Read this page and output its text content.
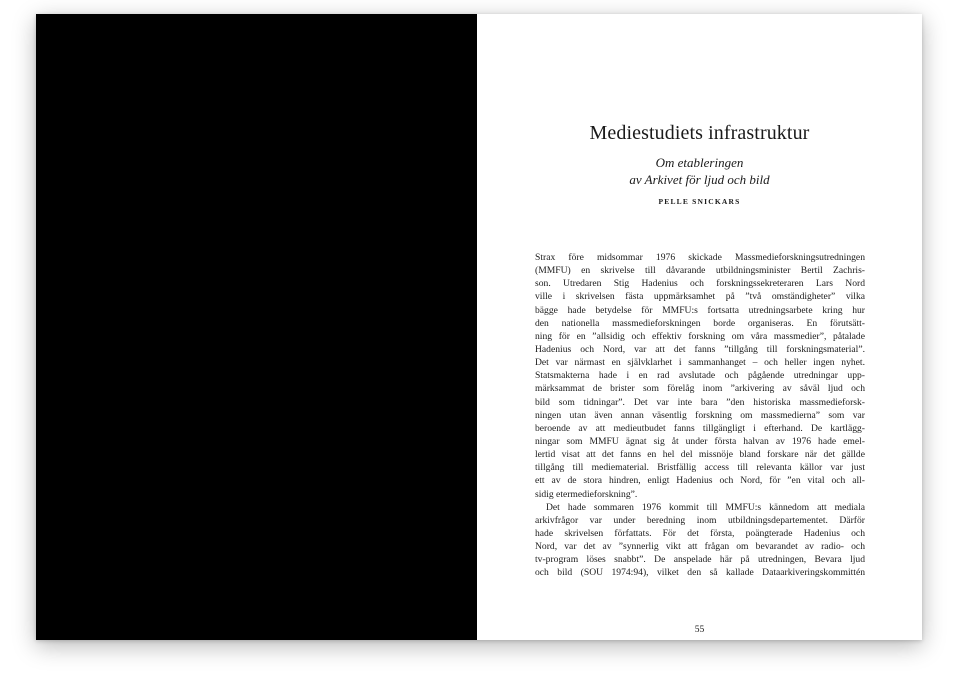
Mediestudiets infrastruktur
Om etableringen
av Arkivet för ljud och bild
PELLE SNICKARS
Strax före midsommar 1976 skickade Massmedieforskningsutredningen
(MMFU) en skrivelse till dåvarande utbildningsminister Bertil Zachris-
son. Utredaren Stig Hadenius och forskningssekreteraren Lars Nord
ville i skrivelsen fästa uppmärksamhet på ”två omständigheter” vilka
bägge hade betydelse för MMFU:s fortsatta utredningsarbete kring hur
den nationella massmedieforskningen borde organiseras. En förutsätt-
ning för en ”allsidig och effektiv forskning om våra massmedier”, påtalade
Hadenius och Nord, var att det fanns ”tillgång till forskningsmaterial”.
Det var närmast en självklarhet i sammanhanget – och heller ingen nyhet.
Statsmakterna hade i en rad avslutade och pågående utredningar upp-
märksammat de brister som förelåg inom ”arkivering av såväl ljud och
bild som tidningar”. Det var inte bara ”den historiska massmedieforsk-
ningen utan även annan väsentlig forskning om massmedierna” som var
beroende av att medieutbudet fanns tillgängligt i efterhand. De kartlägg-
ningar som MMFU ägnat sig åt under första halvan av 1976 hade emel-
lertid visat att det fanns en hel del missnöje bland forskare när det gällde
tillgång till mediematerial. Bristfällig access till relevanta källor var just
ett av de stora hindren, enligt Hadenius och Nord, för ”en vital och all-
sidig etermedieforskning”.
Det hade sommaren 1976 kommit till MMFU:s kännedom att mediala
arkivfrågor var under beredning inom utbildningsdepartementet. Därför
hade skrivelsen författats. För det första, poängterade Hadenius och
Nord, var det av ”synnerlig vikt att frågan om bevarandet av radio- och
tv-program löses snabbt”. De anspelade här på utredningen, Bevara ljud
och bild (SOU 1974:94), vilket den så kallade Dataarkiveringskommittén
55
